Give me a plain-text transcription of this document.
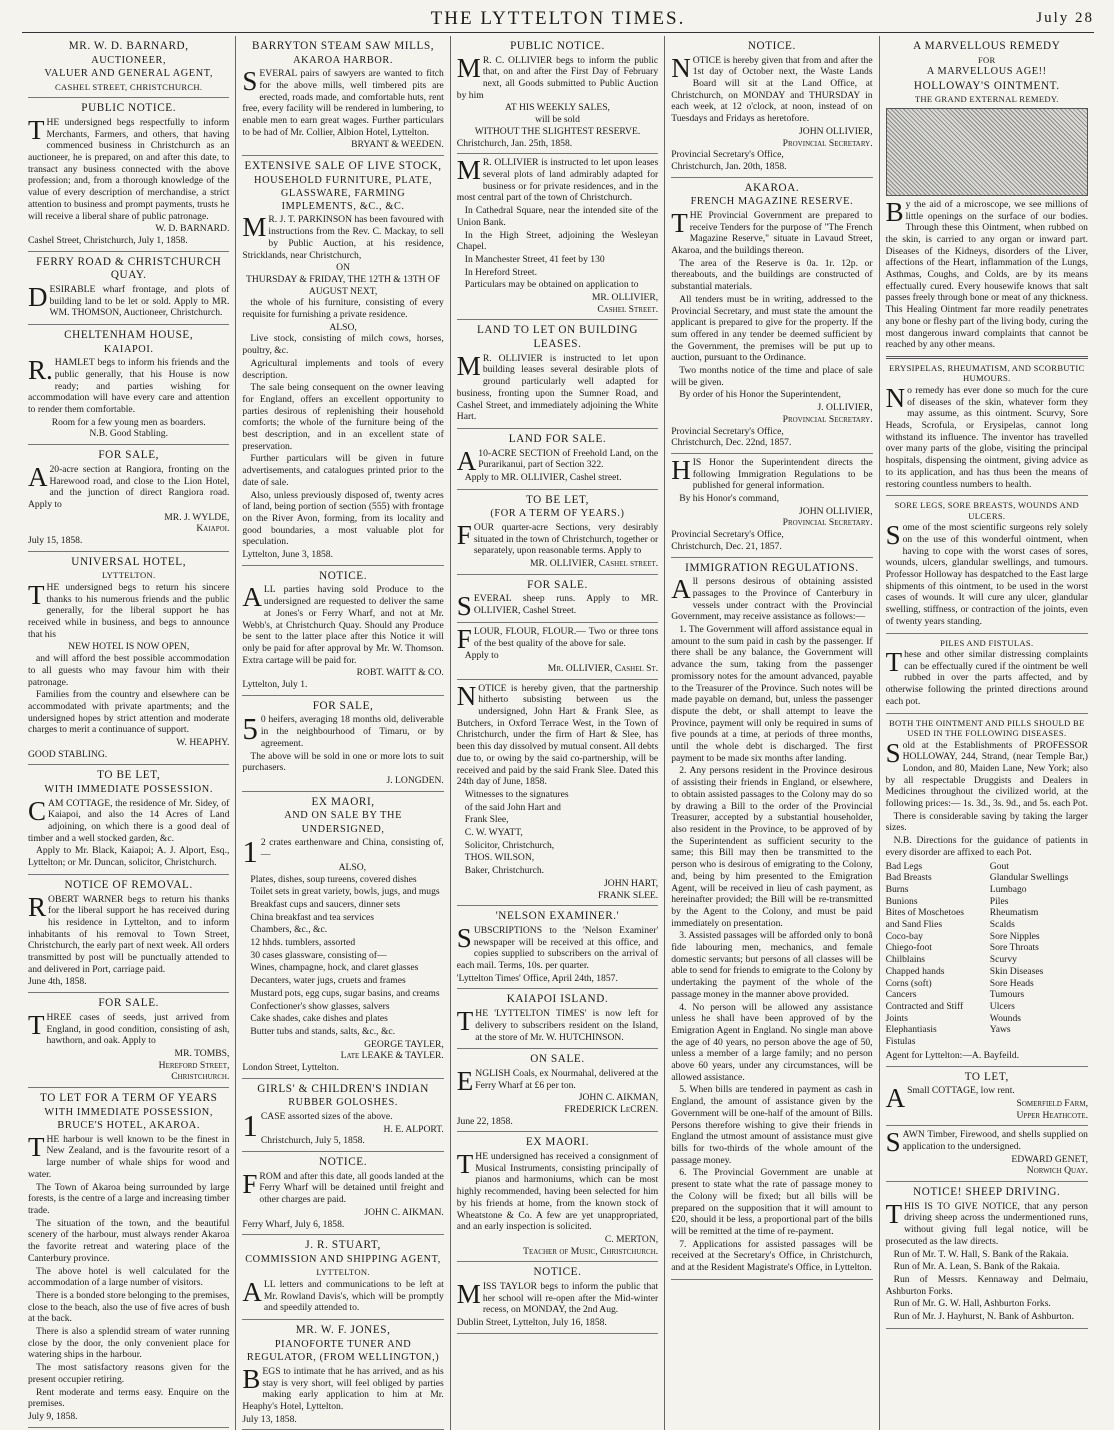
THE LYTTELTON TIMES.	July 28
MR. W. D. BARNARD,
AUCTIONEER,
VALUER AND GENERAL AGENT,
CASHEL STREET, CHRISTCHURCH.
PUBLIC NOTICE.

THE undersigned begs respectfully to inform Merchants, Farmers, and others, that having commenced business in Christchurch as an auctioneer, he is prepared, on and after this date, to transact any business connected with the above profession; and, from a thorough knowledge of the value of every description of merchandise, a strict attention to business and prompt payments, trusts he will receive a liberal share of public patronage.

W. D. BARNARD.

Cashel Street, Christchurch, July 1, 1858.

FERRY ROAD & CHRISTCHURCH QUAY.

DESIRABLE wharf frontage, and plots of building land to be let or sold. Apply to MR. WM. THOMSON, Auctioneer, Christchurch.

CHELTENHAM HOUSE,
KAIAPOI.

R.HAMLET begs to inform his friends and the public generally, that his House is now ready; and parties wishing for accommodation will have every care and attention to render them comfortable.

Room for a few young men as boarders.

N.B. Good Stabling.

FOR SALE,

A20-acre section at Rangiora, fronting on the Harewood road, and close to the Lion Hotel, and the junction of direct Rangiora road. Apply to

MR. J. WYLDE,

Kaiapoi.

July 15, 1858.

UNIVERSAL HOTEL,
LYTTELTON.

THE undersigned begs to return his sincere thanks to his numerous friends and the public generally, for the liberal support he has received while in business, and begs to announce that his

NEW HOTEL IS NOW OPEN,

and will afford the best possible accommodation to all guests who may favour him with their patronage.

Families from the country and elsewhere can be accommodated with private apartments; and the undersigned hopes by strict attention and moderate charges to merit a continuance of support.

W. HEAPHY.

GOOD STABLING.

TO BE LET,
WITH IMMEDIATE POSSESSION.

CAM COTTAGE, the residence of Mr. Sidey, of Kaiapoi, and also the 14 Acres of Land adjoining, on which there is a good deal of timber and a well stocked garden, &c.

Apply to Mr. Black, Kaiapoi; A. J. Alport, Esq., Lyttelton; or Mr. Duncan, solicitor, Christchurch.

NOTICE OF REMOVAL.

ROBERT WARNER begs to return his thanks for the liberal support he has received during his residence in Lyttelton, and to inform inhabitants of his removal to Town Street, Christchurch, the early part of next week. All orders transmitted by post will be punctually attended to and delivered in Port, carriage paid.

June 4th, 1858.

FOR SALE.

THREE cases of seeds, just arrived from England, in good condition, consisting of ash, hawthorn, and oak. Apply to

MR. TOMBS,

Hereford Street,

Christchurch.

TO LET FOR A TERM OF YEARS
WITH IMMEDIATE POSSESSION,
BRUCE'S HOTEL, AKAROA.

THE harbour is well known to be the finest in New Zealand, and is the favourite resort of a large number of whale ships for wood and water.

The Town of Akaroa being surrounded by large forests, is the centre of a large and increasing timber trade.

The situation of the town, and the beautiful scenery of the harbour, must always render Akaroa the favorite retreat and watering place of the Canterbury province.

The above hotel is well calculated for the accommodation of a large number of visitors.

There is a bonded store belonging to the premises, close to the beach, also the use of five acres of bush at the back.

There is also a splendid stream of water running close by the door, the only convenient place for watering ships in the harbour.

The most satisfactory reasons given for the present occupier retiring.

Rent moderate and terms easy. Enquire on the premises.

July 9, 1858.

BARRYTON STEAM SAW MILLS,
AKAROA HARBOR.

SEVERAL pairs of sawyers are wanted to fitch for the above mills, well timbered pits are erected, roads made, and comfortable huts, rent free, every facility will be rendered in lumbering, to enable men to earn great wages. Further particulars to be had of Mr. Collier, Albion Hotel, Lyttelton.

BRYANT & WEEDEN.

EXTENSIVE SALE OF LIVE STOCK,
HOUSEHOLD FURNITURE, PLATE,
GLASSWARE, FARMING IMPLEMENTS, &C., &C.

MR. J. T. PARKINSON has been favoured with instructions from the Rev. C. Mackay, to sell by Public Auction, at his residence, Stricklands, near Christchurch,

ON

THURSDAY & FRIDAY, THE 12TH & 13TH OF AUGUST NEXT,

the whole of his furniture, consisting of every requisite for furnishing a private residence.

ALSO,

Live stock, consisting of milch cows, horses, poultry, &c.

Agricultural implements and tools of every description.

The sale being consequent on the owner leaving for England, offers an excellent opportunity to parties desirous of replenishing their household comforts; the whole of the furniture being of the best description, and in an excellent state of preservation.

Further particulars will be given in future advertisements, and catalogues printed prior to the date of sale.

Also, unless previously disposed of, twenty acres of land, being portion of section (555) with frontage on the River Avon, forming, from its locality and good boundaries, a most valuable plot for speculation.

Lyttelton, June 3, 1858.

NOTICE.

ALL parties having sold Produce to the undersigned are requested to deliver the same at Jones's or Ferry Wharf, and not at Mr. Webb's, at Christchurch Quay. Should any Produce be sent to the latter place after this Notice it will only be paid for after approval by Mr. W. Thomson. Extra cartage will be paid for.

ROBT. WAITT & CO.

Lyttelton, July 1.

FOR SALE,

50 heifers, averaging 18 months old, deliverable in the neighbourhood of Timaru, or by agreement.

The above will be sold in one or more lots to suit purchasers.

J. LONGDEN.

EX MAORI,
AND ON SALE BY THE
UNDERSIGNED,

12 crates earthenware and China, consisting of,—

ALSO,

Plates, dishes, soup tureens, covered dishes

Toilet sets in great variety, bowls, jugs, and mugs

Breakfast cups and saucers, dinner sets

China breakfast and tea services

Chambers, &c., &c.

12 hhds. tumblers, assorted

30 cases glassware, consisting of—

Wines, champagne, hock, and claret glasses

Decanters, water jugs, cruets and frames

Mustard pots, egg cups, sugar basins, and creams

Confectioner's show glasses, salvers

Cake shades, cake dishes and plates

Butter tubs and stands, salts, &c., &c.

GEORGE TAYLER,

Late LEAKE & TAYLER.

London Street, Lyttelton.

GIRLS' & CHILDREN'S INDIAN
RUBBER GOLOSHES.

1CASE assorted sizes of the above.

H. E. ALPORT.

Christchurch, July 5, 1858.

NOTICE.

FROM and after this date, all goods landed at the Ferry Wharf will be detained until freight and other charges are paid.

JOHN C. AIKMAN.

Ferry Wharf, July 6, 1858.

J. R. STUART,
COMMISSION AND SHIPPING AGENT,
LYTTELTON.

ALL letters and communications to be left at Mr. Rowland Davis's, which will be promptly and speedily attended to.

MR. W. F. JONES,
PIANOFORTE TUNER AND
REGULATOR, (FROM WELLINGTON,)

BEGS to intimate that he has arrived, and as his stay is very short, will feel obliged by parties making early application to him at Mr. Heaphy's Hotel, Lyttelton.

July 13, 1858.

PUBLIC NOTICE.

MR. C. OLLIVIER begs to inform the public that, on and after the First Day of February next, all Goods submitted to Public Auction by him

AT HIS WEEKLY SALES,

will be sold

WITHOUT THE SLIGHTEST RESERVE.

Christchurch, Jan. 25th, 1858.

MR. OLLIVIER is instructed to let upon leases several plots of land admirably adapted for business or for private residences, and in the most central part of the town of Christchurch.

In Cathedral Square, near the intended site of the Union Bank.

In the High Street, adjoining the Wesleyan Chapel.

In Manchester Street, 41 feet by 130

In Hereford Street.

Particulars may be obtained on application to

MR. OLLIVIER,

Cashel Street.

LAND TO LET ON BUILDING LEASES.

MR. OLLIVIER is instructed to let upon building leases several desirable plots of ground particularly well adapted for business, fronting upon the Sumner Road, and Cashel Street, and immediately adjoining the White Hart.

LAND FOR SALE.

A10-ACRE SECTION of Freehold Land, on the Purarikanui, part of Section 322.

Apply to MR. OLLIVIER, Cashel street.

TO BE LET,
(FOR A TERM OF YEARS.)

FOUR quarter-acre Sections, very desirably situated in the town of Christchurch, together or separately, upon reasonable terms. Apply to

MR. OLLIVIER, Cashel street.

FOR SALE.

SEVERAL sheep runs. Apply to MR. OLLIVIER, Cashel Street.

FLOUR, FLOUR, FLOUR.— Two or three tons of the best quality of the above for sale.

Apply to

Mr. OLLIVIER, Cashel St.

NOTICE is hereby given, that the partnership hitherto subsisting between us the undersigned, John Hart & Frank Slee, as Butchers, in Oxford Terrace West, in the Town of Christchurch, under the firm of Hart & Slee, has been this day dissolved by mutual consent. All debts due to, or owing by the said co-partnership, will be received and paid by the said Frank Slee. Dated this 24th day of June, 1858.

Witnesses to the signatures

of the said John Hart and

Frank Slee,

C. W. WYATT,

Solicitor, Christchurch,

THOS. WILSON,

Baker, Christchurch.

JOHN HART,

FRANK SLEE.

'NELSON EXAMINER.'

SUBSCRIPTIONS to the 'Nelson Examiner' newspaper will be received at this office, and copies supplied to subscribers on the arrival of each mail. Terms, 10s. per quarter.

'Lyttelton Times' Office, April 24th, 1857.

KAIAPOI ISLAND.

THE 'LYTTELTON TIMES' is now left for delivery to subscribers resident on the Island, at the store of Mr. W. HUTCHINSON.

ON SALE.

ENGLISH Coals, ex Nourmahal, delivered at the Ferry Wharf at £6 per ton.

JOHN C. AIKMAN,

FREDERICK LeCREN.

June 22, 1858.

EX MAORI.

THE undersigned has received a consignment of Musical Instruments, consisting principally of pianos and harmoniums, which can be most highly recommended, having been selected for him by his friends at home, from the known stock of Wheatstone & Co. A few are yet unappropriated, and an early inspection is solicited.

C. MERTON,

Teacher of Music, Christchurch.

NOTICE.

MISS TAYLOR begs to inform the public that her school will re-open after the Mid-winter recess, on MONDAY, the 2nd Aug.

Dublin Street, Lyttelton, July 16, 1858.

NOTICE.

NOTICE is hereby given that from and after the 1st day of October next, the Waste Lands Board will sit at the Land Office, at Christchurch, on MONDAY and THURSDAY in each week, at 12 o'clock, at noon, instead of on Tuesdays and Fridays as heretofore.

JOHN OLLIVIER,

Provincial Secretary.

Provincial Secretary's Office,

Christchurch, Jan. 20th, 1858.

AKAROA.
FRENCH MAGAZINE RESERVE.

THE Provincial Government are prepared to receive Tenders for the purpose of "The French Magazine Reserve," situate in Lavaud Street, Akaroa, and the buildings thereon.

The area of the Reserve is 0a. 1r. 12p. or thereabouts, and the buildings are constructed of substantial materials.

All tenders must be in writing, addressed to the Provincial Secretary, and must state the amount the applicant is prepared to give for the property. If the sum offered in any tender be deemed sufficient by the Government, the premises will be put up to auction, pursuant to the Ordinance.

Two months notice of the time and place of sale will be given.

By order of his Honor the Superintendent,

J. OLLIVIER,

Provincial Secretary.

Provincial Secretary's Office,

Christchurch, Dec. 22nd, 1857.

HIS Honor the Superintendent directs the following Immigration Regulations to be published for general information.

By his Honor's command,

JOHN OLLIVIER,

Provincial Secretary.

Provincial Secretary's Office,

Christchurch, Dec. 21, 1857.

IMMIGRATION REGULATIONS.

All persons desirous of obtaining assisted passages to the Province of Canterbury in vessels under contract with the Provincial Government, may receive assistance as follows:—

1. The Government will afford assistance equal in amount to the sum paid in cash by the passenger. If there shall be any balance, the Government will advance the sum, taking from the passenger promissory notes for the amount advanced, payable to the Treasurer of the Province. Such notes will be made payable on demand, but, unless the passenger dispute the debt, or shall attempt to leave the Province, payment will only be required in sums of five pounds at a time, at periods of three months, until the whole debt is discharged. The first payment to be made six months after landing.

2. Any persons resident in the Province desirous of assisting their friends in England, or elsewhere, to obtain assisted passages to the Colony may do so by drawing a Bill to the order of the Provincial Treasurer, accepted by a substantial householder, also resident in the Province, to be approved of by the Superintendent as sufficient security to the same; this Bill may then be transmitted to the person who is desirous of emigrating to the Colony, and, being by him presented to the Emigration Agent, will be received in lieu of cash payment, as hereinafter provided; the Bill will be re-transmitted by the Agent to the Colony, and must be paid immediately on presentation.

3. Assisted passages will be afforded only to bonâ fide labouring men, mechanics, and female domestic servants; but persons of all classes will be able to send for friends to emigrate to the Colony by undertaking the payment of the whole of the passage money in the manner above provided.

4. No person will be allowed any assistance unless he shall have been approved of by the Emigration Agent in England. No single man above the age of 40 years, no person above the age of 50, unless a member of a large family; and no person above 60 years, under any circumstances, will be allowed assistance.

5. When bills are tendered in payment as cash in England, the amount of assistance given by the Government will be one-half of the amount of Bills. Persons therefore wishing to give their friends in England the utmost amount of assistance must give bills for two-thirds of the whole amount of the passage money.

6. The Provincial Government are unable at present to state what the rate of passage money to the Colony will be fixed; but all bills will be prepared on the supposition that it will amount to £20, should it be less, a proportional part of the bills will be remitted at the time of re-payment.

7. Applications for assisted passages will be received at the Secretary's Office, in Christchurch, and at the Resident Magistrate's Office, in Lyttelton.

A MARVELLOUS REMEDY
FOR
A MARVELLOUS AGE!!
HOLLOWAY'S OINTMENT.
THE GRAND EXTERNAL REMEDY.

By the aid of a microscope, we see millions of little openings on the surface of our bodies. Through these this Ointment, when rubbed on the skin, is carried to any organ or inward part. Diseases of the Kidneys, disorders of the Liver, affections of the Heart, inflammation of the Lungs, Asthmas, Coughs, and Colds, are by its means effectually cured. Every housewife knows that salt passes freely through bone or meat of any thickness. This Healing Ointment far more readily penetrates any bone or fleshy part of the living body, curing the most dangerous inward complaints that cannot be reached by any other means.

ERYSIPELAS, RHEUMATISM, AND SCORBUTIC HUMOURS.

No remedy has ever done so much for the cure of diseases of the skin, whatever form they may assume, as this ointment. Scurvy, Sore Heads, Scrofula, or Erysipelas, cannot long withstand its influence. The inventor has travelled over many parts of the globe, visiting the principal hospitals, dispensing the ointment, giving advice as to its application, and has thus been the means of restoring countless numbers to health.

SORE LEGS, SORE BREASTS, WOUNDS AND ULCERS.

Some of the most scientific surgeons rely solely on the use of this wonderful ointment, when having to cope with the worst cases of sores, wounds, ulcers, glandular swellings, and tumours. Professor Holloway has despatched to the East large shipments of this ointment, to be used in the worst cases of wounds. It will cure any ulcer, glandular swelling, stiffness, or contraction of the joints, even of twenty years standing.

PILES AND FISTULAS.

These and other similar distressing complaints can be effectually cured if the ointment be well rubbed in over the parts affected, and by otherwise following the printed directions around each pot.

BOTH THE OINTMENT AND PILLS SHOULD BE USED IN THE FOLLOWING DISEASES.

Sold at the Establishments of PROFESSOR HOLLOWAY, 244, Strand, (near Temple Bar,) London, and 80, Maiden Lane, New York; also by all respectable Druggists and Dealers in Medicines throughout the civilized world, at the following prices:— 1s. 3d., 3s. 9d., and 5s. each Pot.

There is considerable saving by taking the larger sizes.

N.B. Directions for the guidance of patients in every disorder are affixed to each Pot.

Bad Legs
Bad Breasts
Burns
Bunions
Bites of Moschetoes
and Sand Flies
Coco-bay
Chiego-foot
Chilblains
Chapped hands
Corns (soft)
Cancers
Contracted and Stiff
Joints
Elephantiasis
Fistulas
Gout
Glandular Swellings
Lumbago
Piles
Rheumatism
Scalds
Sore Nipples
Sore Throats
Scurvy
Skin Diseases
Sore Heads
Tumours
Ulcers
Wounds
Yaws

Agent for Lyttelton:—A. Bayfeild.

TO LET,

ASmall COTTAGE, low rent.

Somerfield Farm,

Upper Heathcote.

SAWN Timber, Firewood, and shells supplied on application to the undersigned.

EDWARD GENET,

Norwich Quay.

NOTICE! SHEEP DRIVING.

THIS IS TO GIVE NOTICE, that any person driving sheep across the undermentioned runs, without giving full legal notice, will be prosecuted as the law directs.

Run of Mr. T. W. Hall, S. Bank of the Rakaia.

Run of Mr. A. Lean, S. Bank of the Rakaia.

Run of Messrs. Kennaway and Delmaiu, Ashburton Forks.

Run of Mr. G. W. Hall, Ashburton Forks.

Run of Mr. J. Hayhurst, N. Bank of Ashburton.
